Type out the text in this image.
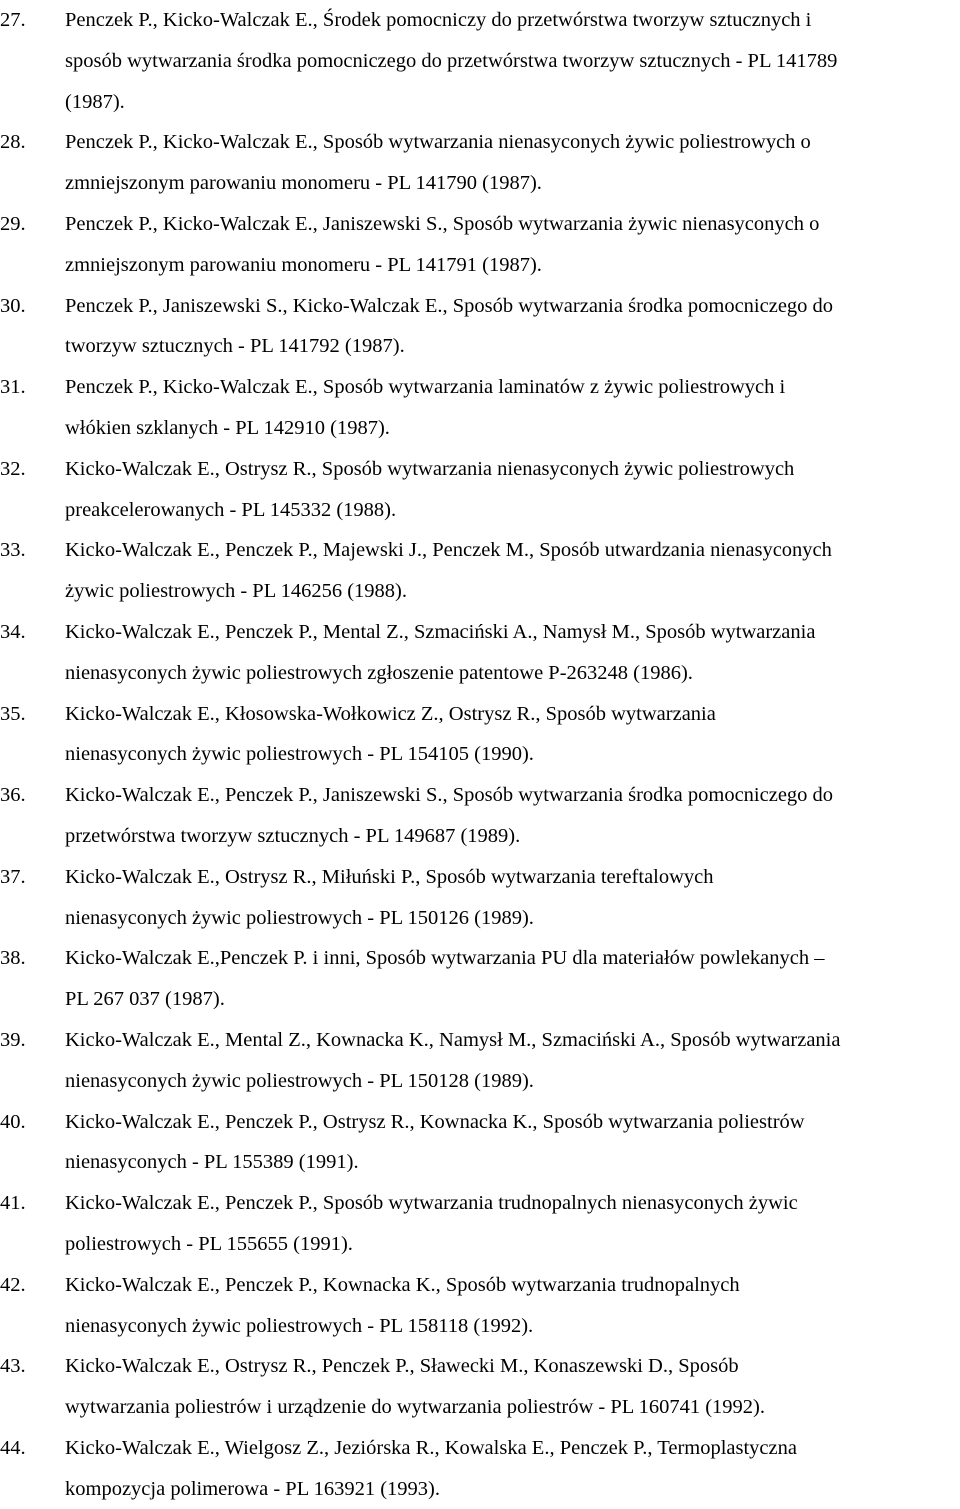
27.	Penczek P., Kicko-Walczak E., Środek pomocniczy do przetwórstwa tworzyw sztucznych i
sposób wytwarzania środka pomocniczego do przetwórstwa tworzyw sztucznych - PL 141789
(1987).
28.	Penczek P., Kicko-Walczak E., Sposób wytwarzania nienasyconych żywic poliestrowych o
zmniejszonym parowaniu monomeru - PL 141790 (1987).
29.	Penczek P., Kicko-Walczak E., Janiszewski S., Sposób wytwarzania żywic nienasyconych o
zmniejszonym parowaniu monomeru - PL 141791 (1987).
30.	Penczek P., Janiszewski S., Kicko-Walczak E., Sposób wytwarzania środka pomocniczego do
tworzyw sztucznych - PL 141792 (1987).
31.	Penczek P., Kicko-Walczak E., Sposób wytwarzania laminatów z żywic poliestrowych i
włókien szklanych - PL 142910 (1987).
32.	Kicko-Walczak E., Ostrysz R., Sposób wytwarzania nienasyconych żywic poliestrowych
preakcelerowanych - PL 145332 (1988).
33.	Kicko-Walczak E., Penczek P., Majewski J., Penczek M., Sposób utwardzania nienasyconych
żywic poliestrowych - PL 146256 (1988).
34.	Kicko-Walczak E., Penczek P., Mental Z., Szmaciński A., Namysł M., Sposób wytwarzania
nienasyconych żywic poliestrowych zgłoszenie patentowe P-263248 (1986).
35.	Kicko-Walczak E., Kłosowska-Wołkowicz Z., Ostrysz R., Sposób wytwarzania
nienasyconych żywic poliestrowych - PL 154105 (1990).
36.	Kicko-Walczak E., Penczek P., Janiszewski S., Sposób wytwarzania środka pomocniczego do
przetwórstwa tworzyw sztucznych - PL 149687 (1989).
37.	Kicko-Walczak E., Ostrysz R., Miłuński P., Sposób wytwarzania tereftalowych
nienasyconych żywic poliestrowych - PL 150126 (1989).
38.	Kicko-Walczak E.,Penczek P. i inni, Sposób wytwarzania PU dla materiałów powlekanych –
PL 267 037 (1987).
39.	Kicko-Walczak E., Mental Z., Kownacka K., Namysł M., Szmaciński A., Sposób wytwarzania
nienasyconych żywic poliestrowych - PL 150128 (1989).
40.	Kicko-Walczak E., Penczek P., Ostrysz R., Kownacka K., Sposób wytwarzania poliestrów
nienasyconych - PL 155389 (1991).
41.	Kicko-Walczak E., Penczek P., Sposób wytwarzania trudnopalnych nienasyconych żywic
poliestrowych - PL 155655 (1991).
42.	Kicko-Walczak E., Penczek P., Kownacka K., Sposób wytwarzania trudnopalnych
nienasyconych żywic poliestrowych - PL 158118 (1992).
43.	Kicko-Walczak E., Ostrysz R., Penczek P., Sławecki M., Konaszewski D., Sposób
wytwarzania poliestrów i urządzenie do wytwarzania poliestrów - PL 160741 (1992).
44.	Kicko-Walczak E., Wielgosz Z., Jeziórska R., Kowalska E., Penczek P., Termoplastyczna
kompozycja polimerowa - PL 163921 (1993).
